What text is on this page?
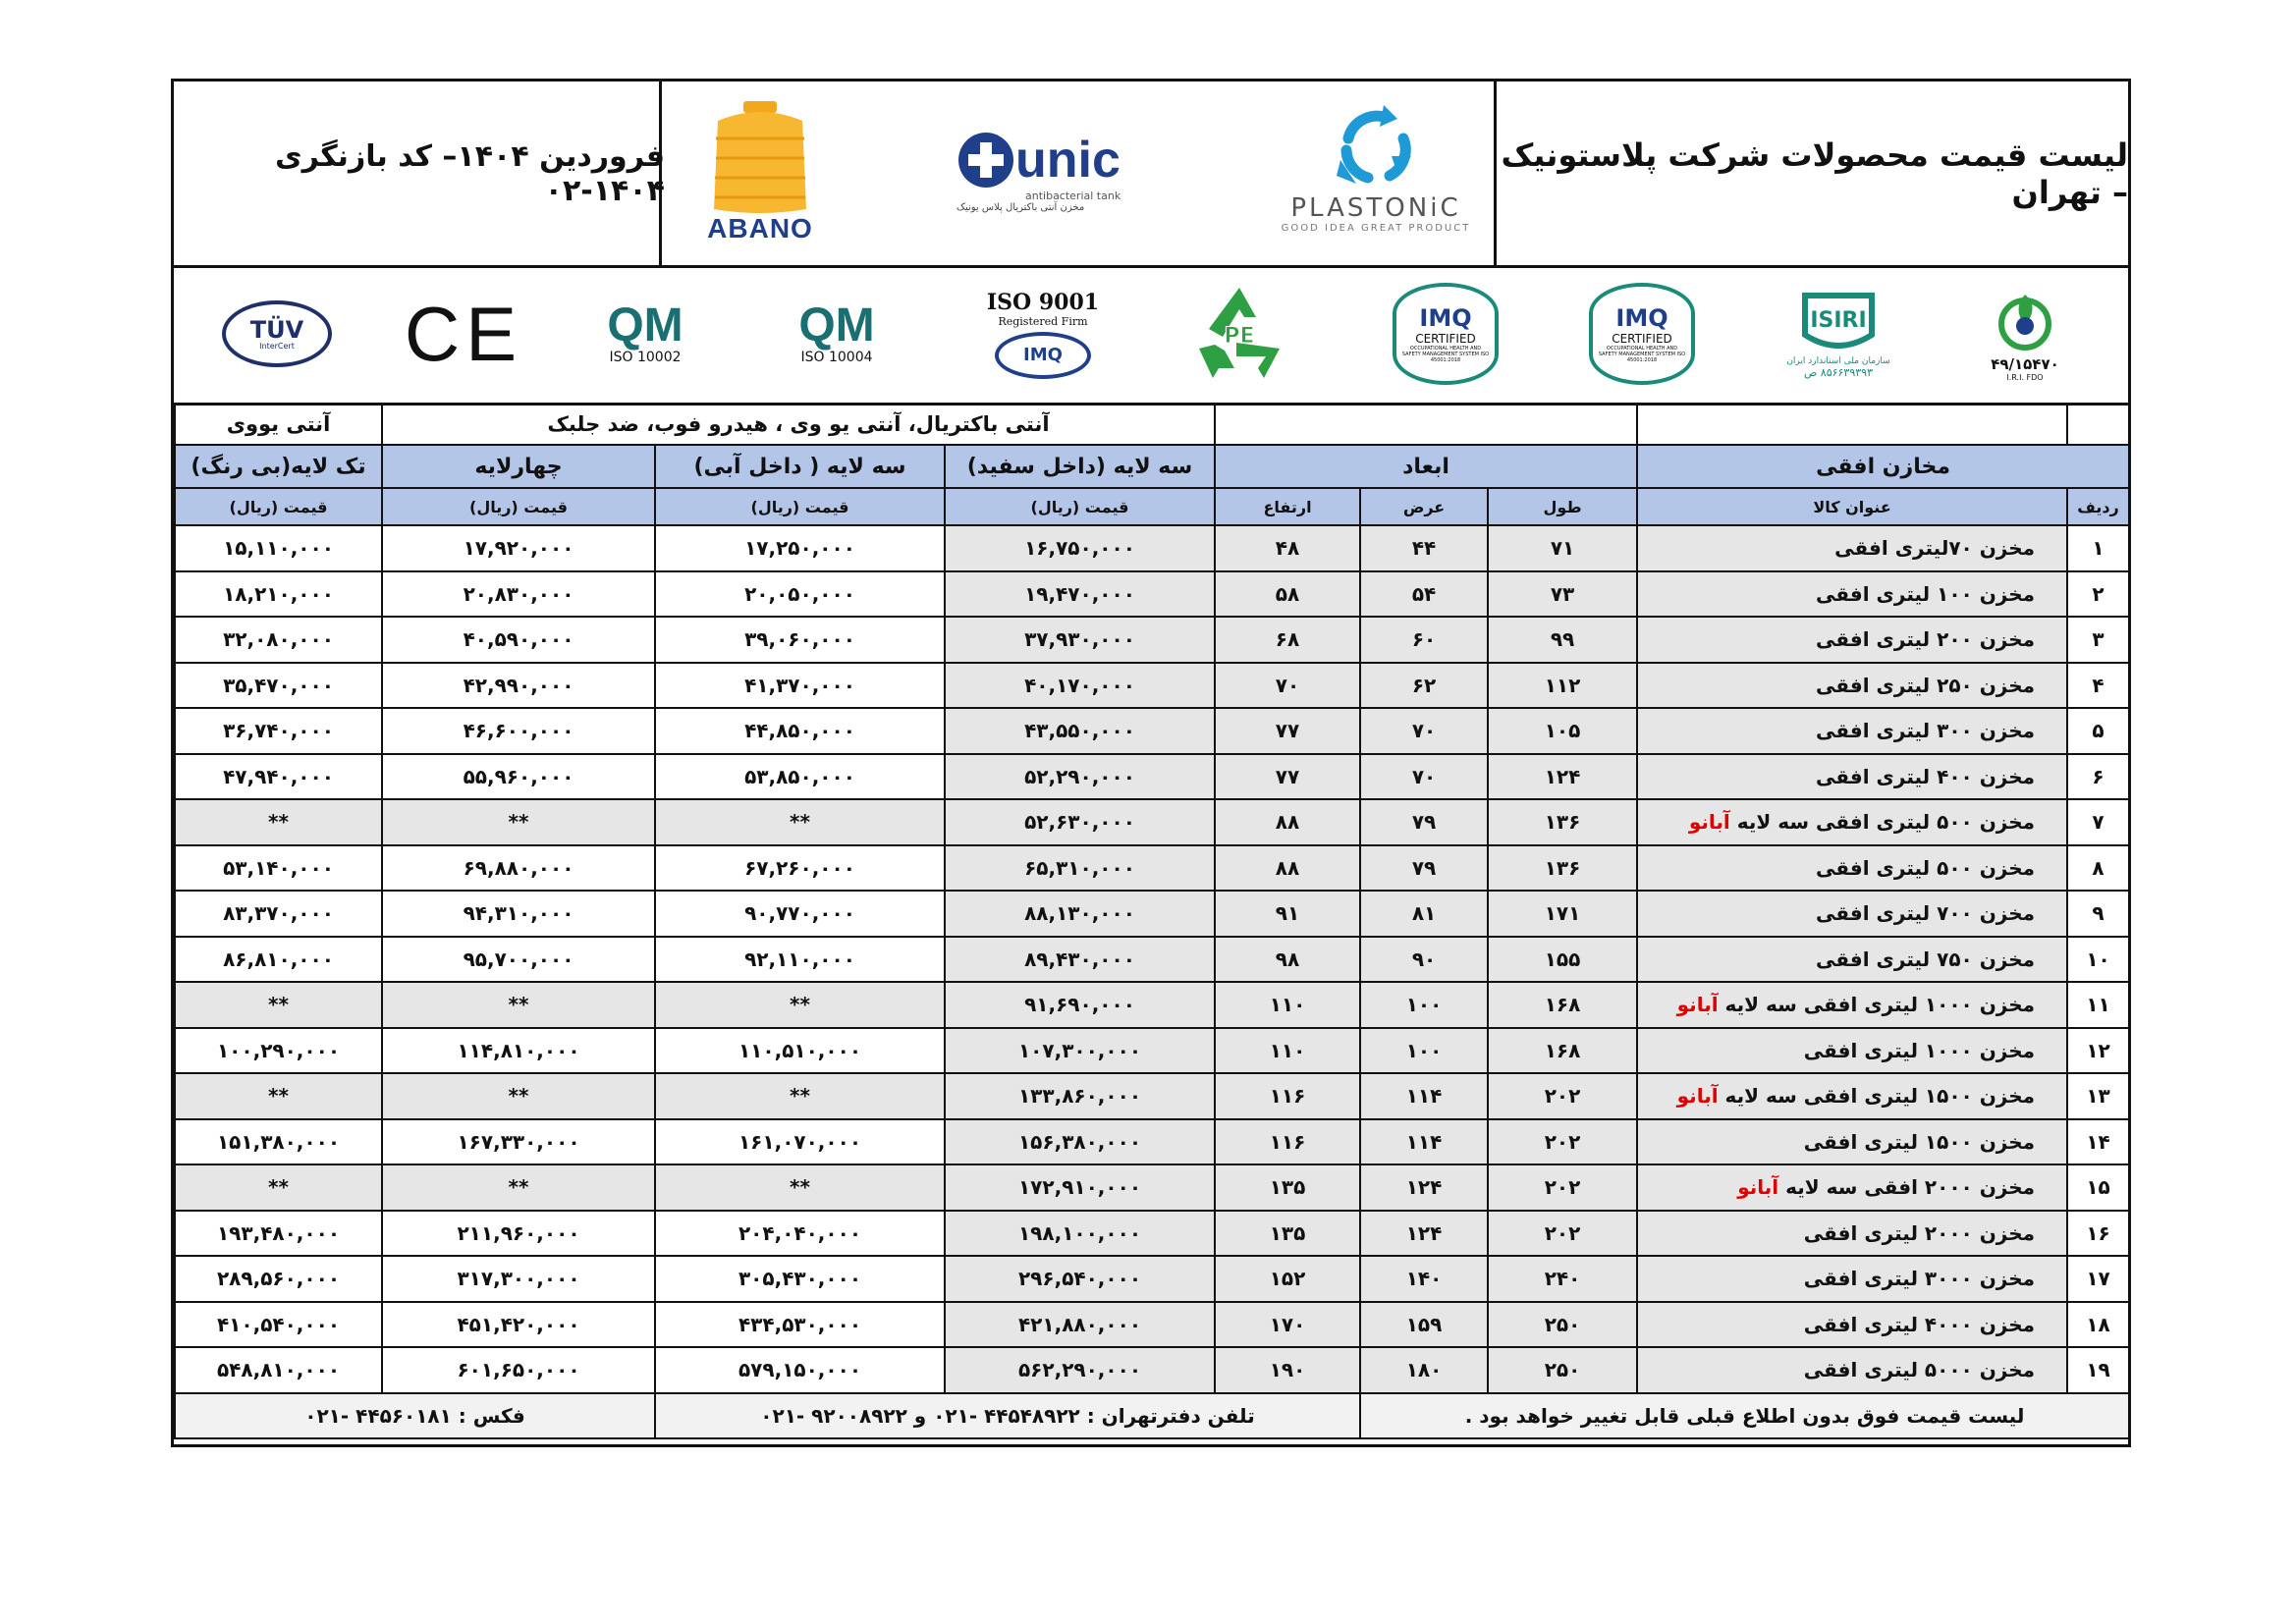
لیست قیمت محصولات شرکت پلاستونیک – تهران
PLASTONiC
GOOD IDEA GREAT PRODUCT
unic
antibacterial tank
مخزن آنتی باکتریال پلاس یونیک
ABANO
فروردین ۱۴۰۴– کد بازنگری ۱۴۰۴-۰۲
۴۹/۱۵۴۷۰
I.R.I. FDO
ISIRI
سازمان ملی استاندارد ایران
۸۵۶۶۳۹۳۹۳ ص
IMQ
CERTIFIED
OCCUPATIONAL HEALTH AND SAFETY MANAGEMENT SYSTEM ISO 45001:2018
IMQ
CERTIFIED
OCCUPATIONAL HEALTH AND SAFETY MANAGEMENT SYSTEM ISO 45001:2018
PE
ISO 9001
Registered Firm
IMQ
QM
ISO 10004
QM
ISO 10002
CE
TÜV
InterCert
					آنتی باکتریال، آنتی یو وی ، هیدرو فوب، ضد جلبک			آنتی یووی
مخازن افقی		ابعاد			سه لایه (داخل سفید)	سه لایه ( داخل آبی)	چهارلایه	تک لایه(بی رنگ)
ردیف	عنوان کالا	طول	عرض	ارتفاع	قیمت (ریال)	قیمت (ریال)	قیمت (ریال)	قیمت (ریال)
۱	مخزن ۷۰لیتری افقی	۷۱	۴۴	۴۸	۱۶,۷۵۰,۰۰۰	۱۷,۲۵۰,۰۰۰	۱۷,۹۲۰,۰۰۰	۱۵,۱۱۰,۰۰۰
۲	مخزن ۱۰۰ لیتری افقی	۷۳	۵۴	۵۸	۱۹,۴۷۰,۰۰۰	۲۰,۰۵۰,۰۰۰	۲۰,۸۳۰,۰۰۰	۱۸,۲۱۰,۰۰۰
۳	مخزن ۲۰۰ لیتری افقی	۹۹	۶۰	۶۸	۳۷,۹۳۰,۰۰۰	۳۹,۰۶۰,۰۰۰	۴۰,۵۹۰,۰۰۰	۳۲,۰۸۰,۰۰۰
۴	مخزن ۲۵۰ لیتری افقی	۱۱۲	۶۲	۷۰	۴۰,۱۷۰,۰۰۰	۴۱,۳۷۰,۰۰۰	۴۲,۹۹۰,۰۰۰	۳۵,۴۷۰,۰۰۰
۵	مخزن ۳۰۰ لیتری افقی	۱۰۵	۷۰	۷۷	۴۳,۵۵۰,۰۰۰	۴۴,۸۵۰,۰۰۰	۴۶,۶۰۰,۰۰۰	۳۶,۷۴۰,۰۰۰
۶	مخزن ۴۰۰ لیتری افقی	۱۲۴	۷۰	۷۷	۵۲,۲۹۰,۰۰۰	۵۳,۸۵۰,۰۰۰	۵۵,۹۶۰,۰۰۰	۴۷,۹۴۰,۰۰۰
۷	مخزن ۵۰۰ لیتری افقی سه لایه آبانو	۱۳۶	۷۹	۸۸	۵۲,۶۳۰,۰۰۰	**	**	**
۸	مخزن ۵۰۰ لیتری افقی	۱۳۶	۷۹	۸۸	۶۵,۳۱۰,۰۰۰	۶۷,۲۶۰,۰۰۰	۶۹,۸۸۰,۰۰۰	۵۳,۱۴۰,۰۰۰
۹	مخزن ۷۰۰ لیتری افقی	۱۷۱	۸۱	۹۱	۸۸,۱۳۰,۰۰۰	۹۰,۷۷۰,۰۰۰	۹۴,۳۱۰,۰۰۰	۸۳,۳۷۰,۰۰۰
۱۰	مخزن ۷۵۰ لیتری افقی	۱۵۵	۹۰	۹۸	۸۹,۴۳۰,۰۰۰	۹۲,۱۱۰,۰۰۰	۹۵,۷۰۰,۰۰۰	۸۶,۸۱۰,۰۰۰
۱۱	مخزن ۱۰۰۰ لیتری افقی سه لایه آبانو	۱۶۸	۱۰۰	۱۱۰	۹۱,۶۹۰,۰۰۰	**	**	**
۱۲	مخزن ۱۰۰۰ لیتری افقی	۱۶۸	۱۰۰	۱۱۰	۱۰۷,۳۰۰,۰۰۰	۱۱۰,۵۱۰,۰۰۰	۱۱۴,۸۱۰,۰۰۰	۱۰۰,۲۹۰,۰۰۰
۱۳	مخزن ۱۵۰۰ لیتری افقی سه لایه آبانو	۲۰۲	۱۱۴	۱۱۶	۱۳۳,۸۶۰,۰۰۰	**	**	**
۱۴	مخزن ۱۵۰۰ لیتری افقی	۲۰۲	۱۱۴	۱۱۶	۱۵۶,۳۸۰,۰۰۰	۱۶۱,۰۷۰,۰۰۰	۱۶۷,۳۳۰,۰۰۰	۱۵۱,۳۸۰,۰۰۰
۱۵	مخزن ۲۰۰۰ افقی سه لایه آبانو	۲۰۲	۱۲۴	۱۳۵	۱۷۲,۹۱۰,۰۰۰	**	**	**
۱۶	مخزن ۲۰۰۰ لیتری افقی	۲۰۲	۱۲۴	۱۳۵	۱۹۸,۱۰۰,۰۰۰	۲۰۴,۰۴۰,۰۰۰	۲۱۱,۹۶۰,۰۰۰	۱۹۳,۴۸۰,۰۰۰
۱۷	مخزن ۳۰۰۰ لیتری افقی	۲۴۰	۱۴۰	۱۵۲	۲۹۶,۵۴۰,۰۰۰	۳۰۵,۴۳۰,۰۰۰	۳۱۷,۳۰۰,۰۰۰	۲۸۹,۵۶۰,۰۰۰
۱۸	مخزن ۴۰۰۰ لیتری افقی	۲۵۰	۱۵۹	۱۷۰	۴۲۱,۸۸۰,۰۰۰	۴۳۴,۵۳۰,۰۰۰	۴۵۱,۴۲۰,۰۰۰	۴۱۰,۵۴۰,۰۰۰
۱۹	مخزن ۵۰۰۰ لیتری افقی	۲۵۰	۱۸۰	۱۹۰	۵۶۲,۲۹۰,۰۰۰	۵۷۹,۱۵۰,۰۰۰	۶۰۱,۶۵۰,۰۰۰	۵۴۸,۸۱۰,۰۰۰
لیست قیمت فوق بدون اطلاع قبلی قابل تغییر خواهد بود .				تلفن دفترتهران : ۴۴۵۴۸۹۲۲ -۰۲۱ و ۹۲۰۰۸۹۲۲ -۰۲۱			فکس : ۴۴۵۶۰۱۸۱ -۰۲۱	
